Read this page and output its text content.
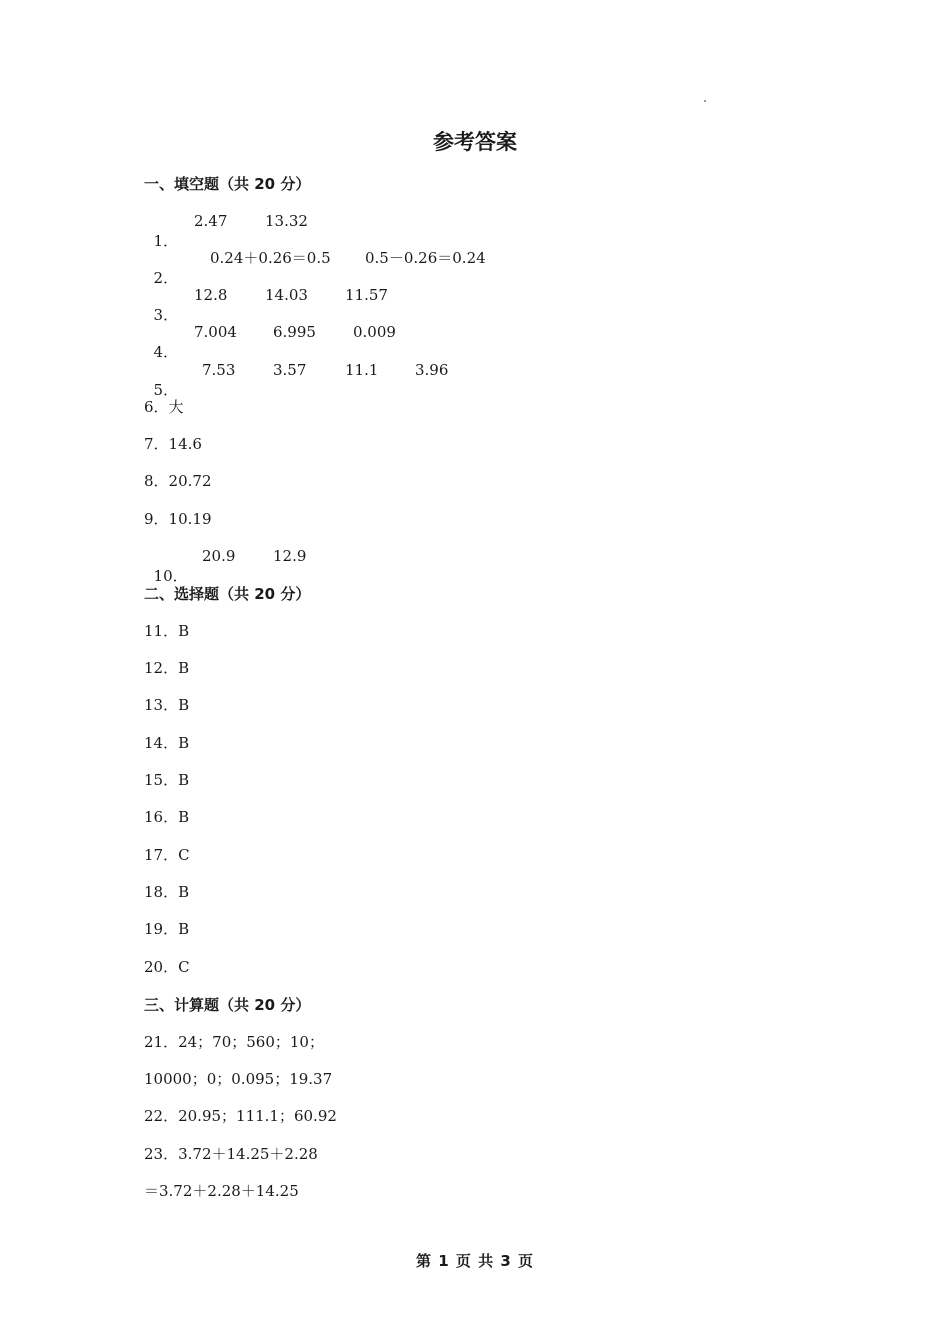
参考答案
一、填空题（共 20 分）

1．

2.47

	13.32

2．

0.24＋0.26＝0.5

0.5－0.26＝0.24

3．

12.8

	14.03

11.57

4．

7.004

6.995

0.009

5．

7.53

	3.57

	11.1

3.96

6．大
7．14.6
8．20.72
9．10.19

10．

20.9

	12.9

二、选择题（共 20 分）
11．B
12．B
13．B
14．B
15．B
16．B
17．C
18．B
19．B
20．C
三、计算题（共 20 分）
21．24；70；560；10；
10000；0；0.095；19.37
22．20.95；111.1；60.92
23．3.72＋14.25＋2.28
＝3.72＋2.28＋14.25
第 1 页 共 3 页
